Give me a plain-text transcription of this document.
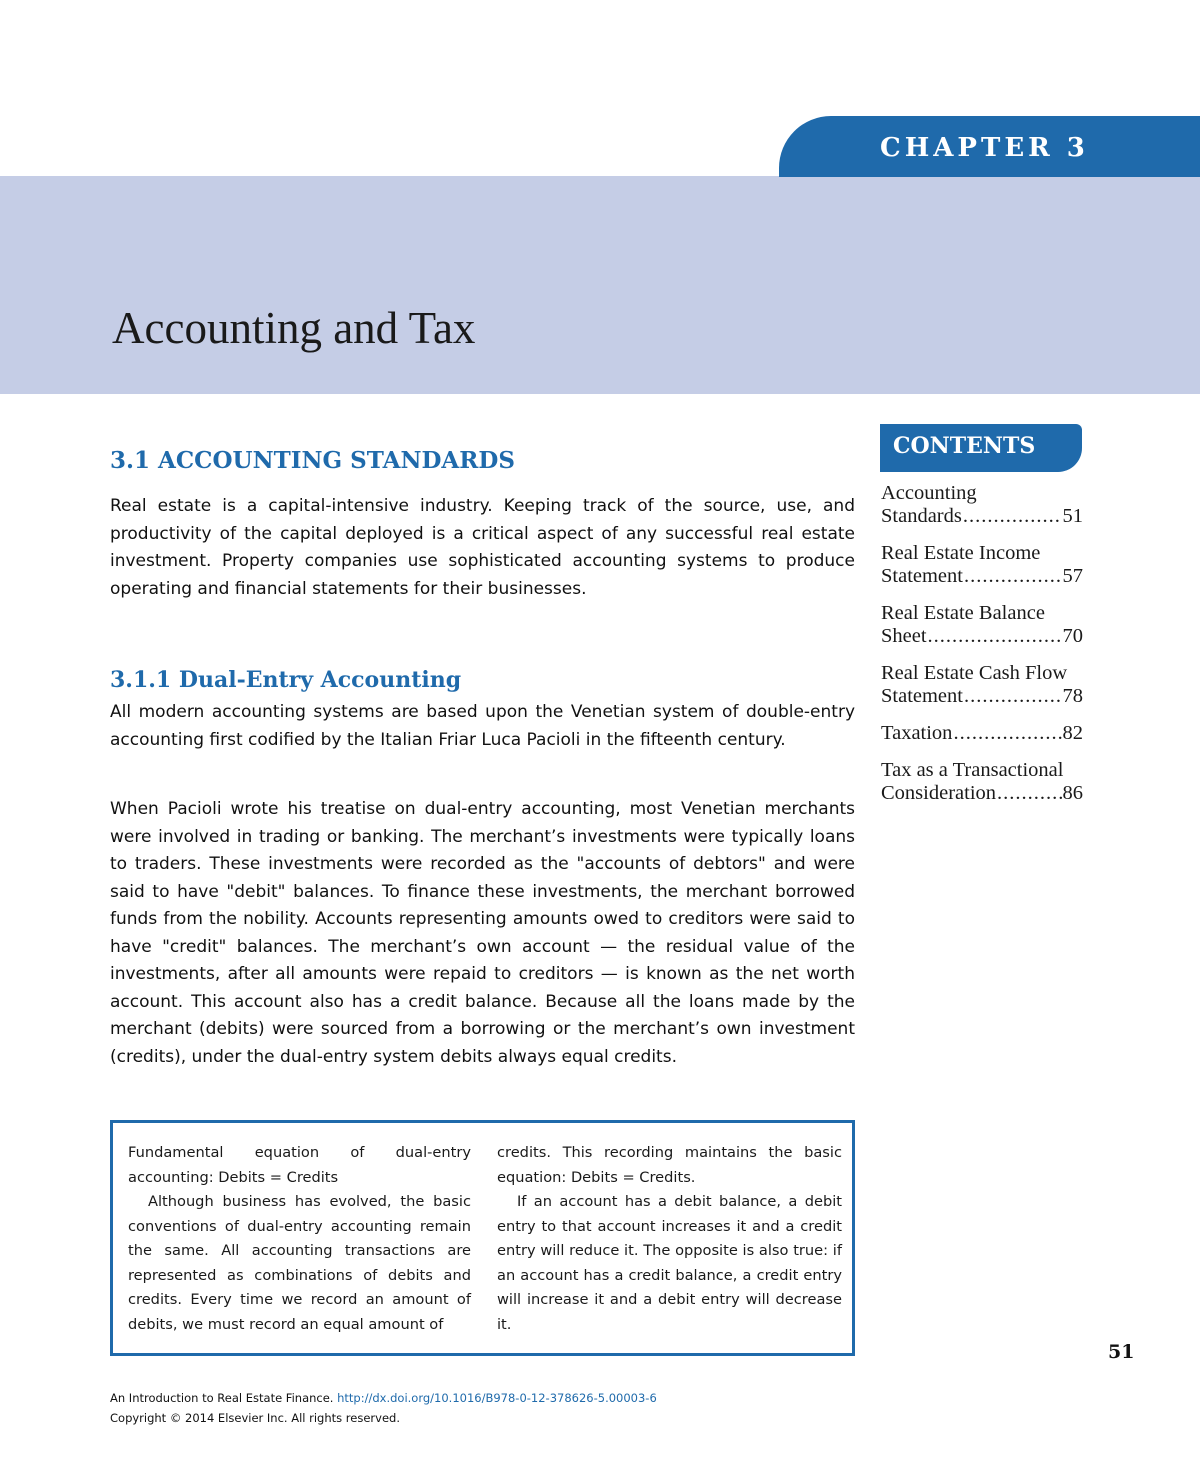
CHAPTER 3
Accounting and Tax
3.1 ACCOUNTING STANDARDS

Real estate is a capital-intensive industry. Keeping track of the source, use, and productivity of the capital deployed is a critical aspect of any successful real estate investment. Property companies use sophisticated accounting systems to produce operating and financial statements for their businesses.

3.1.1 Dual-Entry Accounting

All modern accounting systems are based upon the Venetian system of double-entry accounting first codified by the Italian Friar Luca Pacioli in the fifteenth century.

When Pacioli wrote his treatise on dual-entry accounting, most Venetian merchants were involved in trading or banking. The merchant’s investments were typically loans to traders. These investments were recorded as the "accounts of debtors" and were said to have "debit" balances. To finance these investments, the merchant borrowed funds from the nobility. Accounts representing amounts owed to creditors were said to have "credit" balances. The merchant’s own account — the residual value of the investments, after all amounts were repaid to creditors — is known as the net worth account. This account also has a credit balance. Because all the loans made by the merchant (debits) were sourced from a borrowing or the merchant’s own investment (credits), under the dual-entry system debits always equal credits.

Fundamental equation of dual-entry accounting: Debits = Credits

Although business has evolved, the basic conventions of dual-entry accounting remain the same. All accounting transactions are represented as combinations of debits and credits. Every time we record an amount of debits, we must record an equal amount of

credits. This recording maintains the basic equation: Debits = Credits.

If an account has a debit balance, a debit entry to that account increases it and a credit entry will reduce it. The opposite is also true: if an account has a credit balance, a credit entry will increase it and a debit entry will decrease it.

CONTENTS
Accounting
Standards .....	51
Real Estate Income
Statement .....	57
Real Estate Balance
Sheet .....	70
Real Estate Cash Flow
Statement .....	78
Taxation .....	82
Tax as a Transactional
Consideration .....	86
51
An Introduction to Real Estate Finance. http://dx.doi.org/10.1016/B978-0-12-378626-5.00003-6
Copyright © 2014 Elsevier Inc. All rights reserved.
